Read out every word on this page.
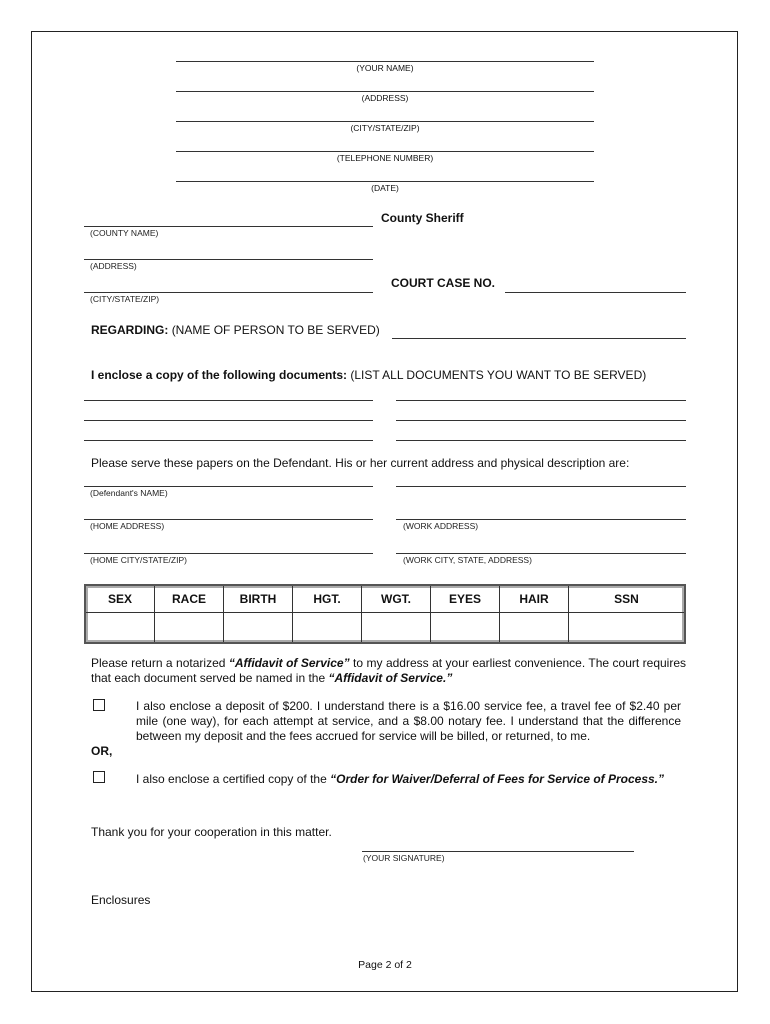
(YOUR NAME)
(ADDRESS)
(CITY/STATE/ZIP)
(TELEPHONE NUMBER)
(DATE)
(COUNTY NAME)
County Sheriff
(ADDRESS)
(CITY/STATE/ZIP)
COURT CASE NO.
REGARDING: (NAME OF PERSON TO BE SERVED)
I enclose a copy of the following documents: (LIST ALL DOCUMENTS YOU WANT TO BE SERVED)
Please serve these papers on the Defendant. His or her current address and physical description are:
(Defendant's NAME)
(HOME ADDRESS)	(WORK ADDRESS)
(HOME CITY/STATE/ZIP)	(WORK CITY, STATE, ADDRESS)
SEX	RACE	BIRTH	HGT.	WGT.	EYES	HAIR	SSN

Please return a notarized “Affidavit of Service” to my address at your earliest convenience. The court requires that each document served be named in the “Affidavit of Service.”
I also enclose a deposit of $200. I understand there is a $16.00 service fee, a travel fee of $2.40 per mile (one way), for each attempt at service, and a $8.00 notary fee. I understand that the difference between my deposit and the fees accrued for service will be billed, or returned, to me.
OR,
I also enclose a certified copy of the “Order for Waiver/Deferral of Fees for Service of Process.”
Thank you for your cooperation in this matter.
(YOUR SIGNATURE)
Enclosures
Page 2 of 2
